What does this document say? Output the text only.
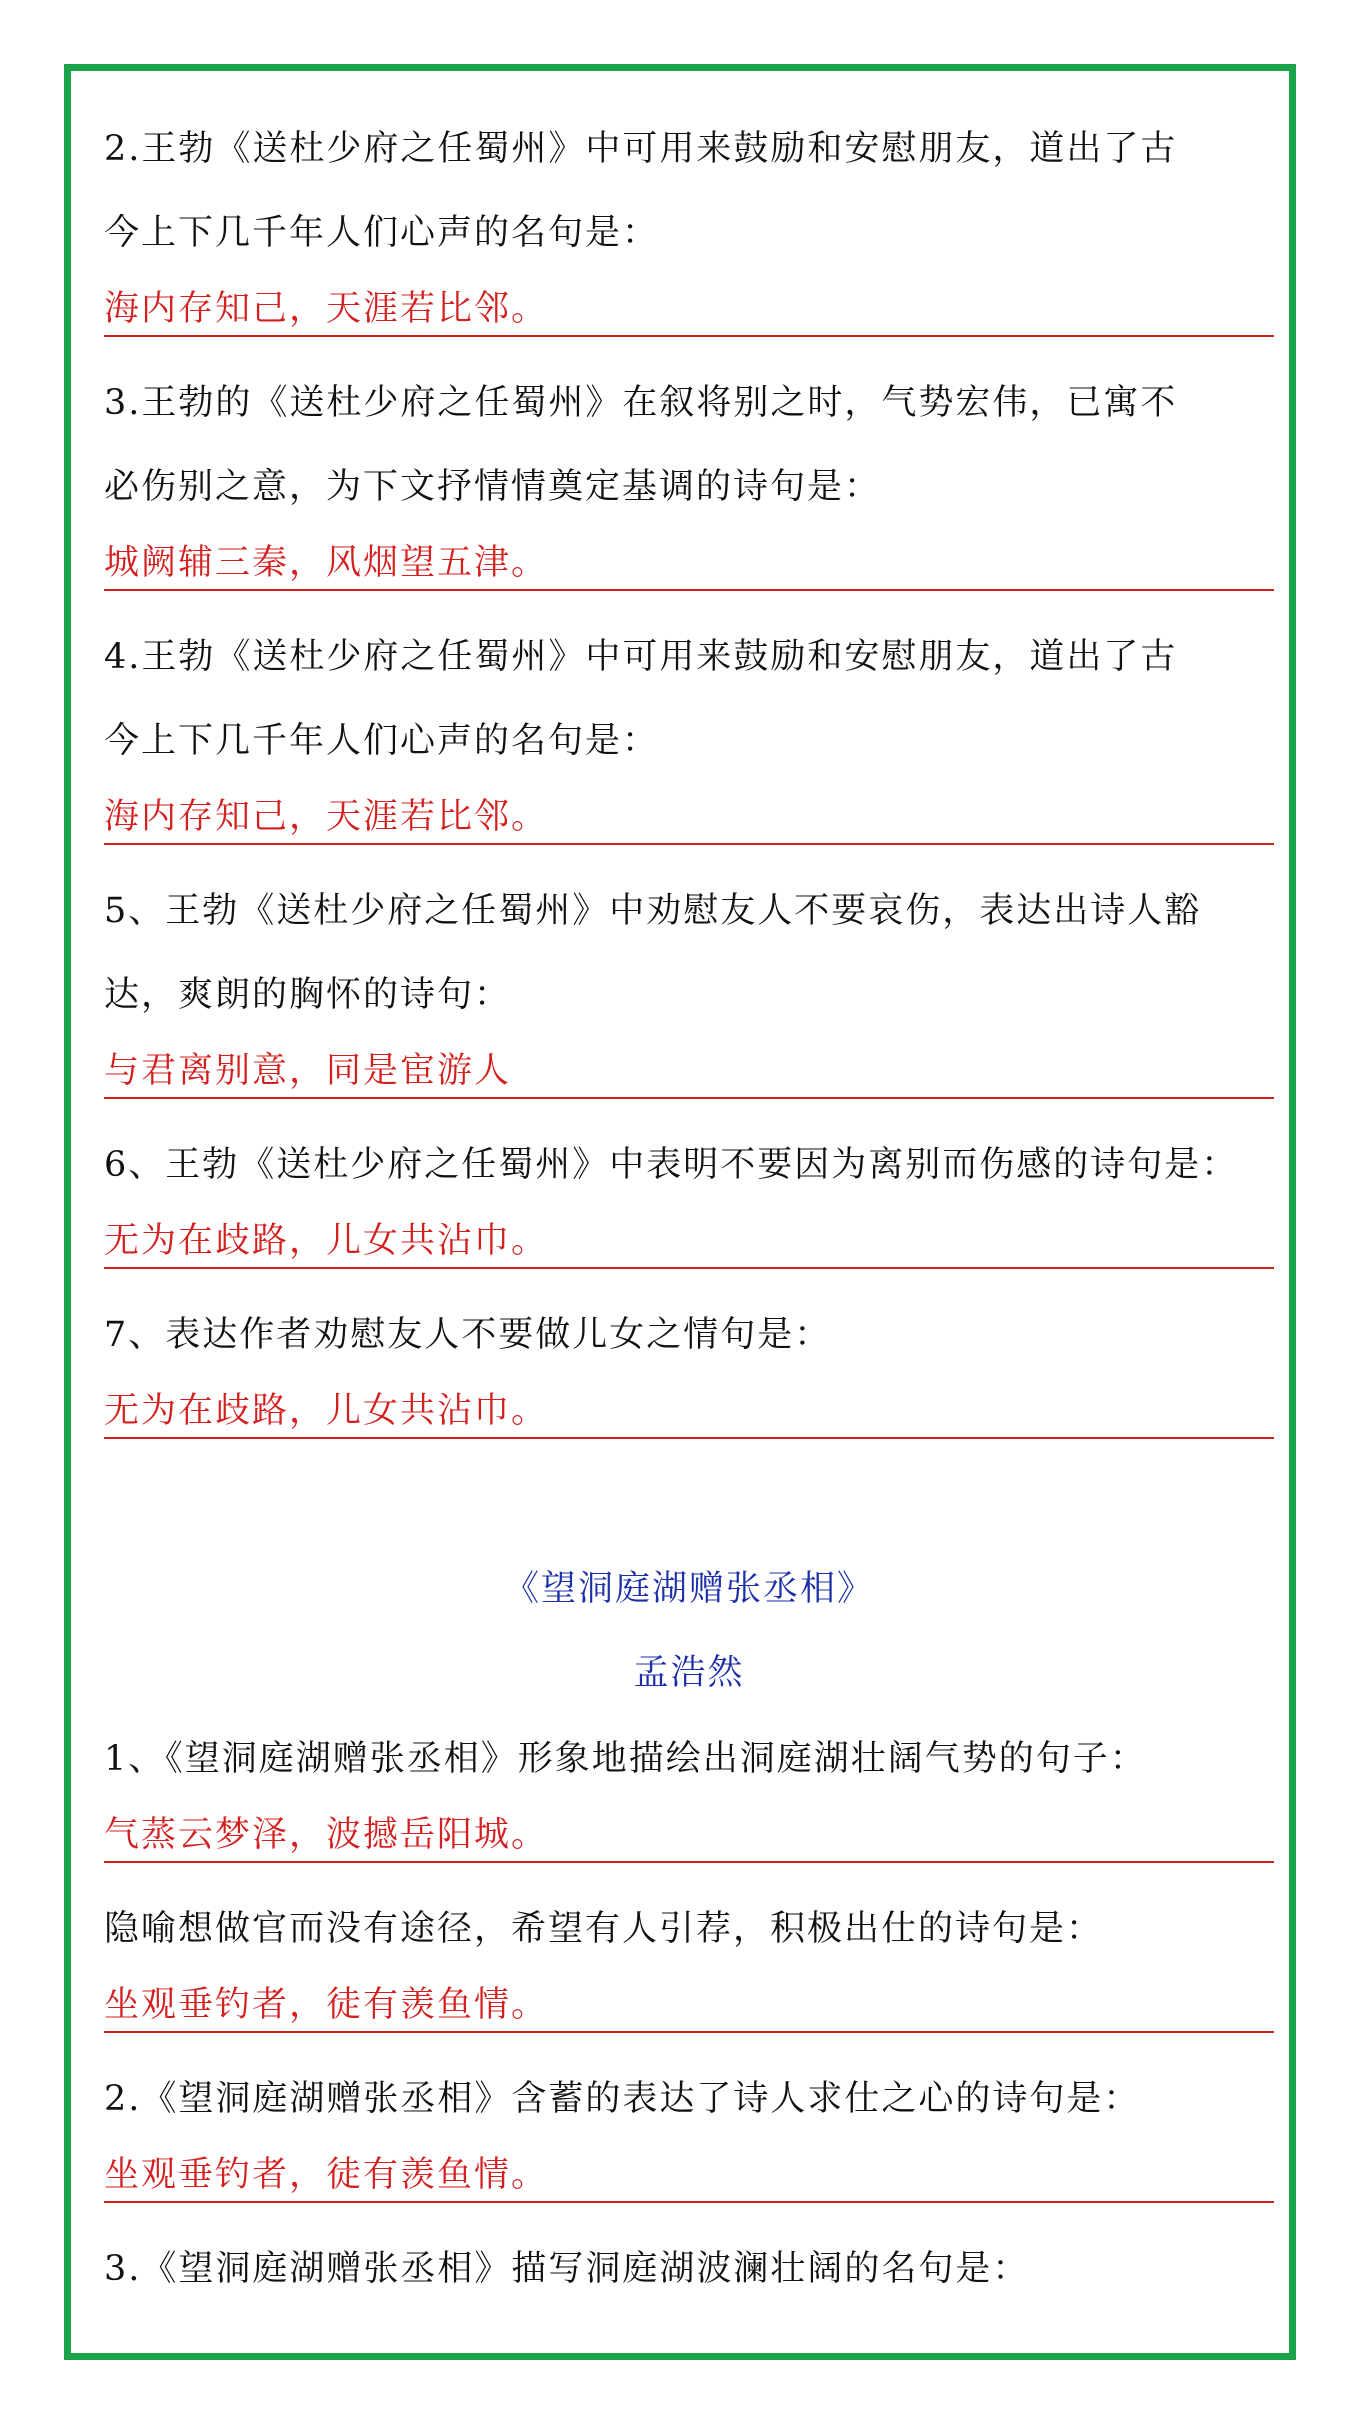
2.王勃《送杜少府之任蜀州》中可用来鼓励和安慰朋友，道出了古
今上下几千年人们心声的名句是：
海内存知己，天涯若比邻。
3.王勃的《送杜少府之任蜀州》在叙将别之时，气势宏伟，已寓不
必伤别之意，为下文抒情情奠定基调的诗句是：
城阙辅三秦，风烟望五津。
4.王勃《送杜少府之任蜀州》中可用来鼓励和安慰朋友，道出了古
今上下几千年人们心声的名句是：
海内存知己，天涯若比邻。
5、王勃《送杜少府之任蜀州》中劝慰友人不要哀伤，表达出诗人豁
达，爽朗的胸怀的诗句：
与君离别意，同是宦游人
6、王勃《送杜少府之任蜀州》中表明不要因为离别而伤感的诗句是：
无为在歧路，儿女共沾巾。
7、表达作者劝慰友人不要做儿女之情句是：
无为在歧路，儿女共沾巾。
《望洞庭湖赠张丞相》
孟浩然
1、《望洞庭湖赠张丞相》形象地描绘出洞庭湖壮阔气势的句子：
气蒸云梦泽，波撼岳阳城。
隐喻想做官而没有途径，希望有人引荐，积极出仕的诗句是：
坐观垂钓者，徒有羡鱼情。
2.《望洞庭湖赠张丞相》含蓄的表达了诗人求仕之心的诗句是：
坐观垂钓者，徒有羡鱼情。
3.《望洞庭湖赠张丞相》描写洞庭湖波澜壮阔的名句是：
